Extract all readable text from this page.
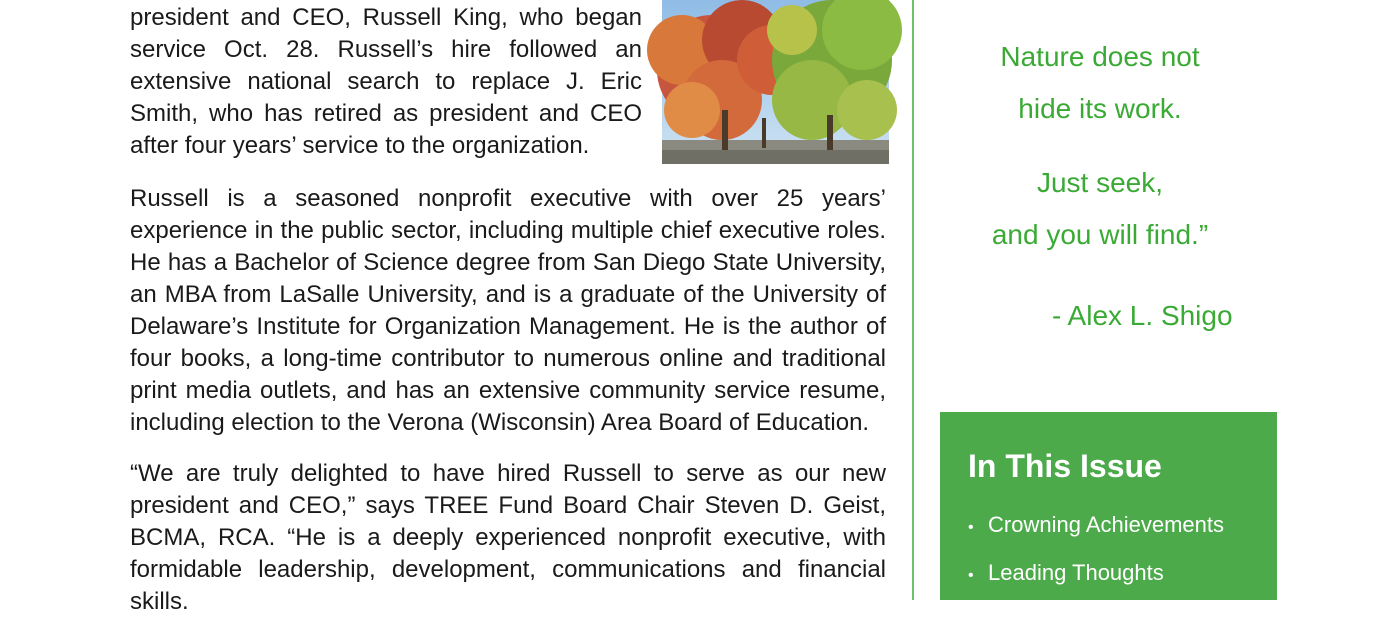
president and CEO, Russell King, who began service Oct. 28. Russell’s hire followed an extensive national search to replace J. Eric Smith, who has retired as president and CEO after four years’ service to the organization.

Russell is a seasoned nonprofit executive with over 25 years’ experience in the public sector, including multiple chief executive roles. He has a Bachelor of Science degree from San Diego State University, an MBA from LaSalle University, and is a graduate of the University of Delaware’s Institute for Organization Management. He is the author of four books, a long-time contributor to numerous online and traditional print media outlets, and has an extensive community service resume, including election to the Verona (Wisconsin) Area Board of Education.

“We are truly delighted to have hired Russell to serve as our new president and CEO,” says TREE Fund Board Chair Steven D. Geist, BCMA, RCA. “He is a deeply experienced nonprofit executive, with formidable leadership, development, communications and financial skills.

Nature does not
hide its work.
Just seek,
and you will find.”
- Alex L. Shigo
In This Issue
• Crowning Achievements
• Leading Thoughts
